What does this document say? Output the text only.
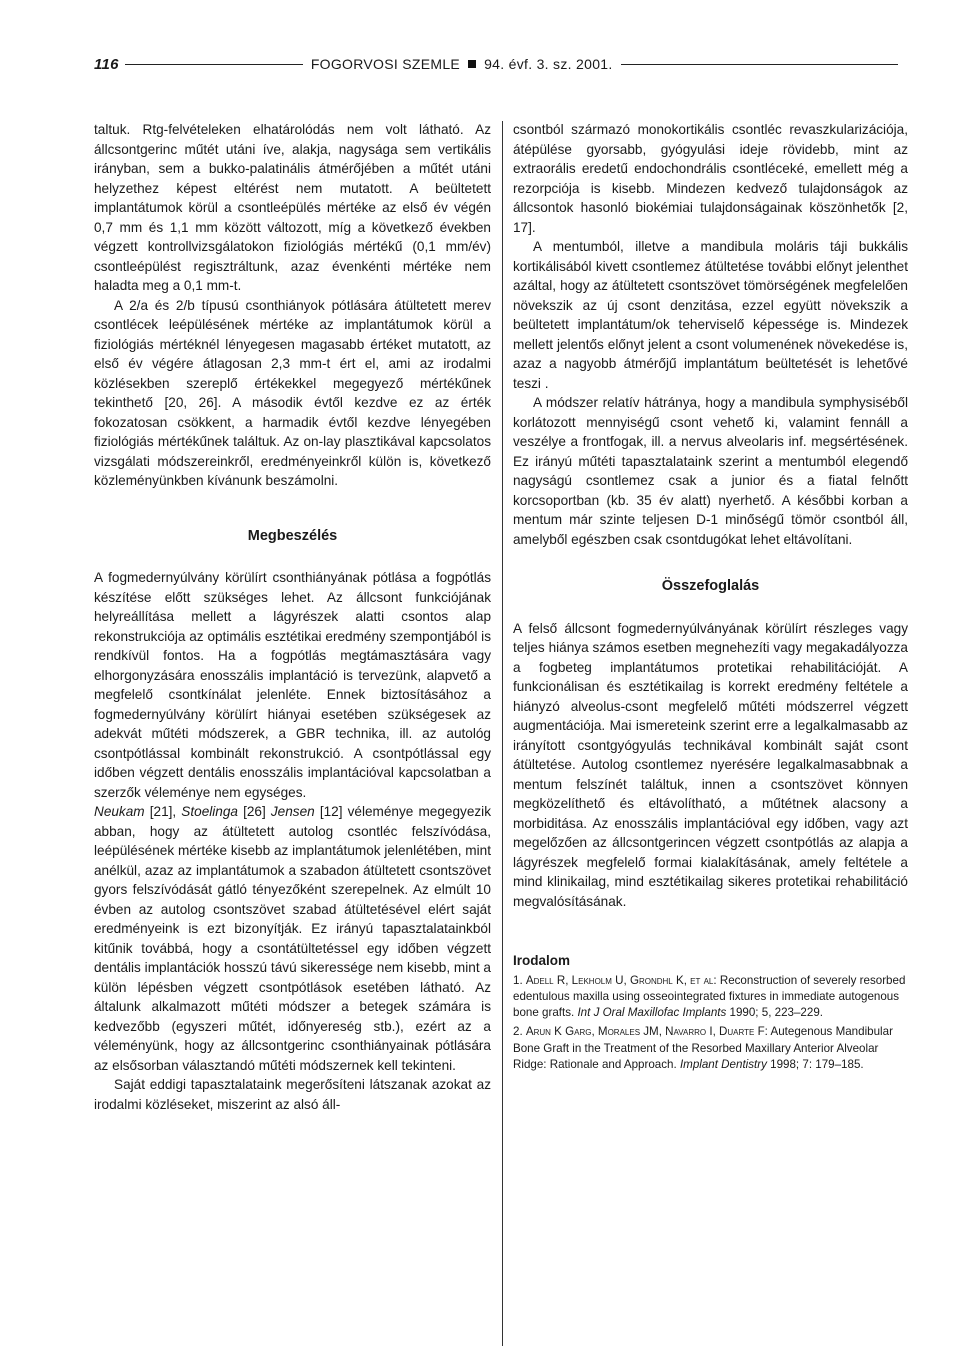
116	FOGORVOSI SZEMLE 94. évf. 3. sz. 2001.

taltuk. Rtg-felvételeken elhatárolódás nem volt látható. Az állcsontgerinc műtét utáni íve, alakja, nagysága sem vertikális irányban, sem a bukko-palatinális átmérőjében a műtét utáni helyzethez képest eltérést nem mutatott. A beültetett implantátumok körül a csontleépülés mértéke az első év végén 0,7 mm és 1,1 mm között változott, míg a következő években végzett kontrollvizsgálatokon fiziológiás mértékű (0,1 mm/év) csontleépülést regisztráltunk, azaz évenkénti mértéke nem haladta meg a 0,1 mm-t.

A 2/a és 2/b típusú csonthiányok pótlására átültetett merev csontlécek leépülésének mértéke az implantátumok körül a fiziológiás mértéknél lényegesen magasabb értéket mutatott, az első év végére átlagosan 2,3 mm-t ért el, ami az irodalmi közlésekben szereplő értékekkel megegyező mértékűnek tekinthető [20, 26]. A második évtől kezdve ez az érték fokozatosan csökkent, a harmadik évtől kezdve lényegében fiziológiás mértékűnek találtuk. Az on-lay plasztikával kapcsolatos vizsgálati módszereinkről, eredményeinkről külön is, következő közleményünkben kívánunk beszámolni.

Megbeszélés

A fogmedernyúlvány körülírt csonthiányának pótlása a fogpótlás készítése előtt szükséges lehet. Az állcsont funkciójának helyreállítása mellett a lágyrészek alatti csontos alap rekonstrukciója az optimális esztétikai eredmény szempontjából is rendkívül fontos. Ha a fogpótlás megtámasztására vagy elhorgonyzására enosszális implantáció is tervezünk, alapvető a megfelelő csontkínálat jelenléte. Ennek biztosításához a fogmedernyúlvány körülírt hiányai esetében szükségesek az adekvát műtéti módszerek, a GBR technika, ill. az autológ csontpótlással kombinált rekonstrukció. A csontpótlással egy időben végzett dentális enosszális implantációval kapcsolatban a szerzők véleménye nem egységes.

Neukam [21], Stoelinga [26] Jensen [12] véleménye megegyezik abban, hogy az átültetett autolog csontléc felszívódása, leépülésének mértéke kisebb az implantátumok jelenlétében, mint anélkül, azaz az implantátumok a szabadon átültetett csontszövet gyors felszívódását gátló tényezőként szerepelnek. Az elmúlt 10 évben az autolog csontszövet szabad átültetésével elért saját eredményeink is ezt bizonyítják. Ez irányú tapasztalatainkból kitűnik továbbá, hogy a csontátültetéssel egy időben végzett dentális implantációk hosszú távú sikeressége nem kisebb, mint a külön lépésben végzett csontpótlások esetében látható. Az általunk alkalmazott műtéti módszer a betegek számára is kedvezőbb (egyszeri műtét, időnyereség stb.), ezért az a véleményünk, hogy az állcsontgerinc csonthiányainak pótlására az elsősorban választandó műtéti módszernek kell tekinteni.

Saját eddigi tapasztalataink megerősíteni látszanak azokat az irodalmi közléseket, miszerint az alsó áll-

csontból származó monokortikális csontléc revaszkularizációja, átépülése gyorsabb, gyógyulási ideje rövidebb, mint az extraorális eredetű endochondrális csontléceké, emellett még a rezorpciója is kisebb. Mindezen kedvező tulajdonságok az állcsontok hasonló biokémiai tulajdonságainak köszönhetők [2, 17].

A mentumból, illetve a mandibula moláris táji bukkális kortikálisából kivett csontlemez átültetése további előnyt jelenthet azáltal, hogy az átültetett csontszövet tömörségének megfelelően növekszik az új csont denzitása, ezzel együtt növekszik a beültetett implantátum/ok teherviselő képessége is. Mindezek mellett jelentős előnyt jelent a csont volumenének növekedése is, azaz a nagyobb átmérőjű implantátum beültetését is lehetővé teszi .

A módszer relatív hátránya, hogy a mandibula symphysiséből korlátozott mennyiségű csont vehető ki, valamint fennáll a veszélye a frontfogak, ill. a nervus alveolaris inf. megsértésének. Ez irányú műtéti tapasztalataink szerint a mentumból elegendő nagyságú csontlemez csak a junior és a fiatal felnőtt korcsoportban (kb. 35 év alatt) nyerhető. A későbbi korban a mentum már szinte teljesen D-1 minőségű tömör csontból áll, amelyből egészben csak csontdugókat lehet eltávolítani.

Összefoglalás

A felső állcsont fogmedernyúlványának körülírt részleges vagy teljes hiánya számos esetben megnehezíti vagy megakadályozza a fogbeteg implantátumos protetikai rehabilitációját. A funkcionálisan és esztétikailag is korrekt eredmény feltétele a hiányzó alveolus-csont megfelelő műtéti módszerrel végzett augmentációja. Mai ismereteink szerint erre a legalkalmasabb az irányított csontgyógyulás technikával kombinált saját csont átültetése. Autolog csontlemez nyerésére legalkalmasabbnak a mentum felszínét találtuk, innen a csontszövet könnyen megközelíthető és eltávolítható, a műtétnek alacsony a morbiditása. Az enosszális implantációval egy időben, vagy azt megelőzően az állcsontgerincen végzett csontpótlás az alapja a lágyrészek megfelelő formai kialakításának, amely feltétele a mind klinikailag, mind esztétikailag sikeres protetikai rehabilitáció megvalósításának.

Irodalom

1. Adell R, Lekholm U, Grondhl K, et al: Reconstruction of severely resorbed edentulous maxilla using osseointegrated fixtures in immediate autogenous bone grafts. Int J Oral Maxillofac Implants 1990; 5, 223–229.

2. Arun K Garg, Morales JM, Navarro I, Duarte F: Autegenous Mandibular Bone Graft in the Treatment of the Resorbed Maxillary Anterior Alveolar Ridge: Rationale and Approach. Implant Dentistry 1998; 7: 179–185.
